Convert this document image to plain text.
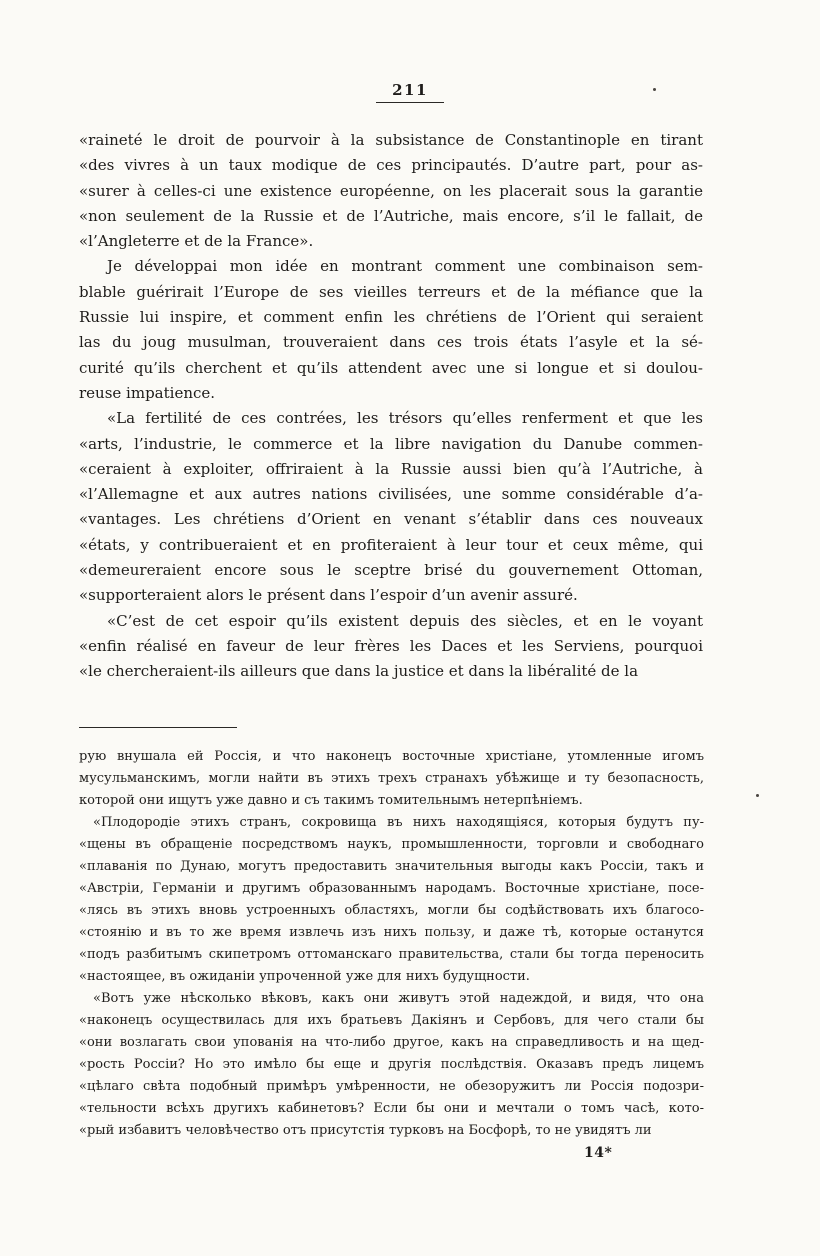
211
«raineté le droit de pourvoir à la subsistance de Constantinople en tirant
«des vivres à un taux modique de ces principautés. D’autre part, pour as-
«surer à celles-ci une existence européenne, on les placerait sous la garantie
«non seulement de la Russie et de l’Autriche, mais encore, s’il le fallait, de
«l’Angleterre et de la France».
Je développai mon idée en montrant comment une combinaison sem-
blable guérirait l’Europe de ses vieilles terreurs et de la méfiance que la
Russie lui inspire, et comment enfin les chrétiens de l’Orient qui seraient
las du joug musulman, trouveraient dans ces trois états l’asyle et la sé-
curité qu’ils cherchent et qu’ils attendent avec une si longue et si doulou-
reuse impatience.
«La fertilité de ces contrées, les trésors qu’elles renferment et que les
«arts, l’industrie, le commerce et la libre navigation du Danube commen-
«ceraient à exploiter, offriraient à la Russie aussi bien qu’à l’Autriche, à
«l’Allemagne et aux autres nations civilisées, une somme considérable d’a-
«vantages. Les chrétiens d’Orient en venant s’établir dans ces nouveaux
«états, y contribueraient et en profiteraient à leur tour et ceux même, qui
«demeureraient encore sous le sceptre brisé du gouvernement Ottoman,
«supporteraient alors le présent dans l’espoir d’un avenir assuré.
«C’est de cet espoir qu’ils existent depuis des siècles, et en le voyant
«enfin réalisé en faveur de leur frères les Daces et les Serviens, pourquoi
«le chercheraient-ils ailleurs que dans la justice et dans la libéralité de la
рую внушала ей Россія, и что наконецъ восточные христіане, утомленные игомъ
мусульманскимъ, могли найти въ этихъ трехъ странахъ убѣжище и ту безопасность,
которой они ищутъ уже давно и съ такимъ томительнымъ нетерпѣніемъ.
«Плодородіе этихъ странъ, сокровища въ нихъ находящіяся, которыя будутъ пу-
«щены въ обращеніе посредствомъ наукъ, промышленности, торговли и свободнаго
«плаванія по Дунаю, могутъ предоставить значительныя выгоды какъ Россіи, такъ и
«Австріи, Германіи и другимъ образованнымъ народамъ. Восточные христіане, посе-
«лясь въ этихъ вновь устроенныхъ областяхъ, могли бы содѣйствовать ихъ благосо-
«стоянію и въ то же время извлечь изъ нихъ пользу, и даже тѣ, которые останутся
«подъ разбитымъ скипетромъ оттоманскаго правительства, стали бы тогда переносить
«настоящее, въ ожиданіи упроченной уже для нихъ будущности.
«Вотъ уже нѣсколько вѣковъ, какъ они живутъ этой надеждой, и видя, что она
«наконецъ осуществилась для ихъ братьевъ Дакіянъ и Сербовъ, для чего стали бы
«они возлагать свои упованія на что-либо другое, какъ на справедливость и на щед-
«рость Россіи? Но это имѣло бы еще и другія послѣдствія. Оказавъ предъ лицемъ
«цѣлаго свѣта подобный примѣръ умѣренности, не обезоружитъ ли Россія подозри-
«тельности всѣхъ другихъ кабинетовъ? Если бы они и мечтали о томъ часѣ, кото-
«рый избавитъ человѣчество отъ присутстія турковъ на Босфорѣ, то не увидятъ ли
14*
